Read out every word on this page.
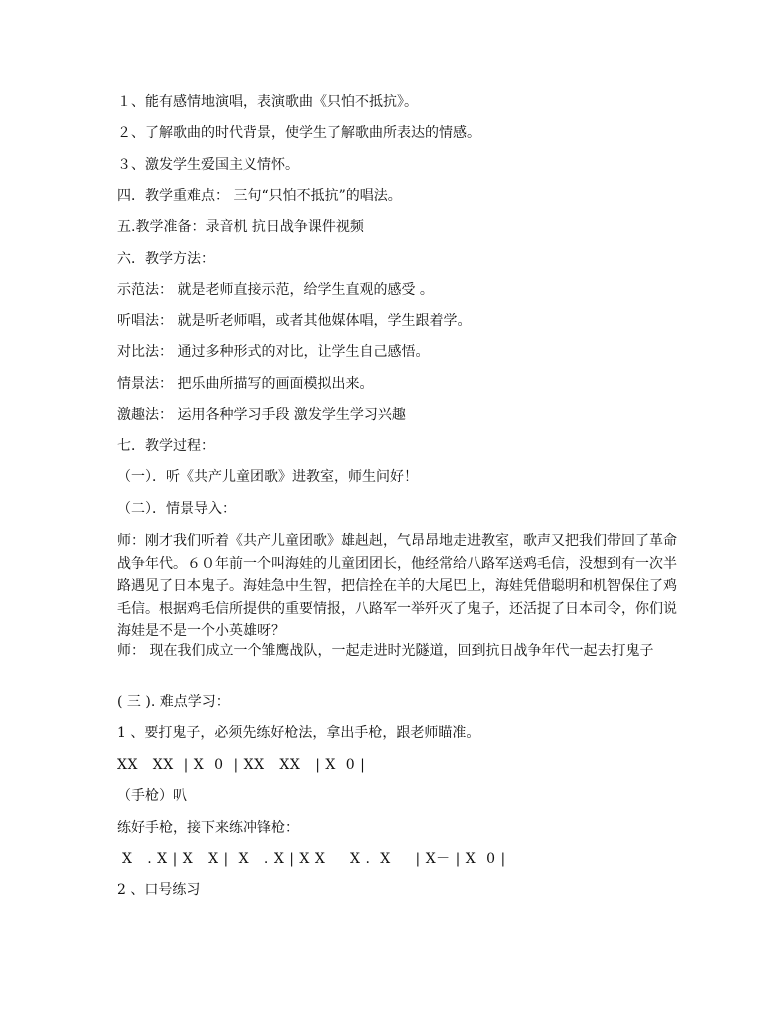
１、能有感情地演唱，表演歌曲《只怕不抵抗》。
２、了解歌曲的时代背景，使学生了解歌曲所表达的情感。
３、激发学生爱国主义情怀。
四．教学重难点： 三句“只怕不抵抗”的唱法。
五.教学准备：录音机 抗日战争课件视频
六．教学方法：
示范法： 就是老师直接示范，给学生直观的感受 。
听唱法： 就是听老师唱，或者其他媒体唱，学生跟着学。
对比法： 通过多种形式的对比，让学生自己感悟。
情景法： 把乐曲所描写的画面模拟出来。
激趣法： 运用各种学习手段 激发学生学习兴趣
七．教学过程：
（一）．听《共产儿童团歌》进教室，师生问好！
（二）．情景导入：
师：刚才我们听着《共产儿童团歌》雄赳赳，气昂昂地走进教室，歌声又把我们带回了革命战争年代。６０年前一个叫海娃的儿童团团长，他经常给八路军送鸡毛信，没想到有一次半路遇见了日本鬼子。海娃急中生智，把信拴在羊的大尾巴上，海娃凭借聪明和机智保住了鸡毛信。根据鸡毛信所提供的重要情报，八路军一举歼灭了鬼子，还活捉了日本司令，你们说海娃是不是一个小英雄呀？
师： 现在我们成立一个雏鹰战队，一起走进时光隧道，回到抗日战争年代一起去打鬼子
( 三 ). 难点学习：
1 、要打鬼子，必须先练好枪法，拿出手枪，跟老师瞄准。
XX   XX  | X  0  | XX   XX   | X  0 |
（手枪）叭
练好手枪，接下来练冲锋枪：
X   . X | X   X |  X   . X | X X     X .  X     | X－ | X  0 |
2 、口号练习
